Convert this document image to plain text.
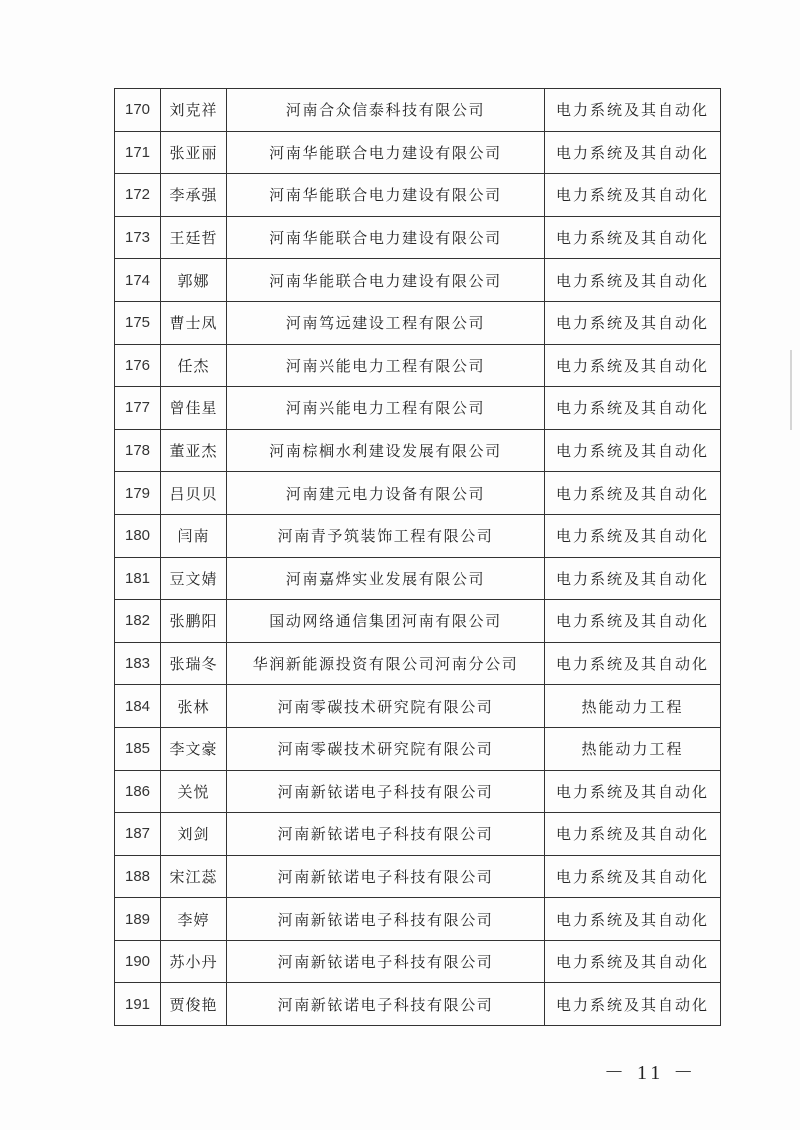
170	刘克祥	河南合众信泰科技有限公司	电力系统及其自动化
171	张亚丽	河南华能联合电力建设有限公司	电力系统及其自动化
172	李承强	河南华能联合电力建设有限公司	电力系统及其自动化
173	王廷哲	河南华能联合电力建设有限公司	电力系统及其自动化
174	郭娜	河南华能联合电力建设有限公司	电力系统及其自动化
175	曹士凤	河南笃远建设工程有限公司	电力系统及其自动化
176	任杰	河南兴能电力工程有限公司	电力系统及其自动化
177	曾佳星	河南兴能电力工程有限公司	电力系统及其自动化
178	董亚杰	河南棕榈水利建设发展有限公司	电力系统及其自动化
179	吕贝贝	河南建元电力设备有限公司	电力系统及其自动化
180	闫南	河南青予筑装饰工程有限公司	电力系统及其自动化
181	豆文婧	河南嘉烨实业发展有限公司	电力系统及其自动化
182	张鹏阳	国动网络通信集团河南有限公司	电力系统及其自动化
183	张瑞冬	华润新能源投资有限公司河南分公司	电力系统及其自动化
184	张林	河南零碳技术研究院有限公司	热能动力工程
185	李文豪	河南零碳技术研究院有限公司	热能动力工程
186	关悦	河南新铱诺电子科技有限公司	电力系统及其自动化
187	刘剑	河南新铱诺电子科技有限公司	电力系统及其自动化
188	宋江蕊	河南新铱诺电子科技有限公司	电力系统及其自动化
189	李婷	河南新铱诺电子科技有限公司	电力系统及其自动化
190	苏小丹	河南新铱诺电子科技有限公司	电力系统及其自动化
191	贾俊艳	河南新铱诺电子科技有限公司	电力系统及其自动化
－ 11 －
